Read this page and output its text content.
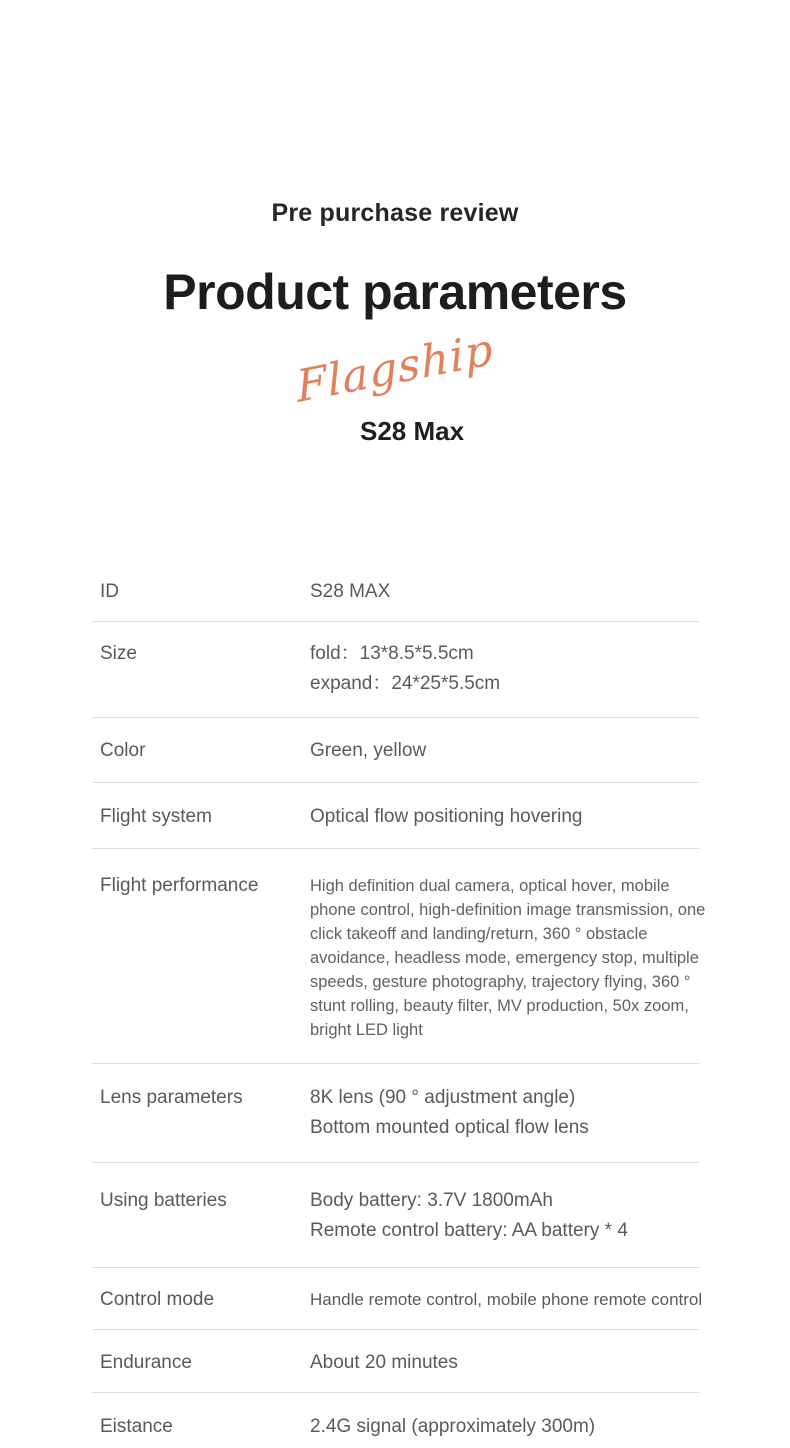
Pre purchase review
Product parameters
Flagship
S28 Max
ID	S28 MAX
Size	fold：13*8.5*5.5cm
expand：24*25*5.5cm
Color	Green, yellow
Flight system	Optical flow positioning hovering
Flight performance	High definition dual camera, optical hover, mobile phone control, high-definition image transmission, one click takeoff and landing/return, 360 ° obstacle avoidance, headless mode, emergency stop, multiple speeds, gesture photography, trajectory flying, 360 ° stunt rolling, beauty filter, MV production, 50x zoom, bright LED light
Lens parameters	8K lens (90 ° adjustment angle)
Bottom mounted optical flow lens
Using batteries	Body battery: 3.7V 1800mAh
Remote control battery: AA battery * 4
Control mode	Handle remote control, mobile phone remote control
Endurance	About 20 minutes
Eistance	2.4G signal (approximately 300m)
